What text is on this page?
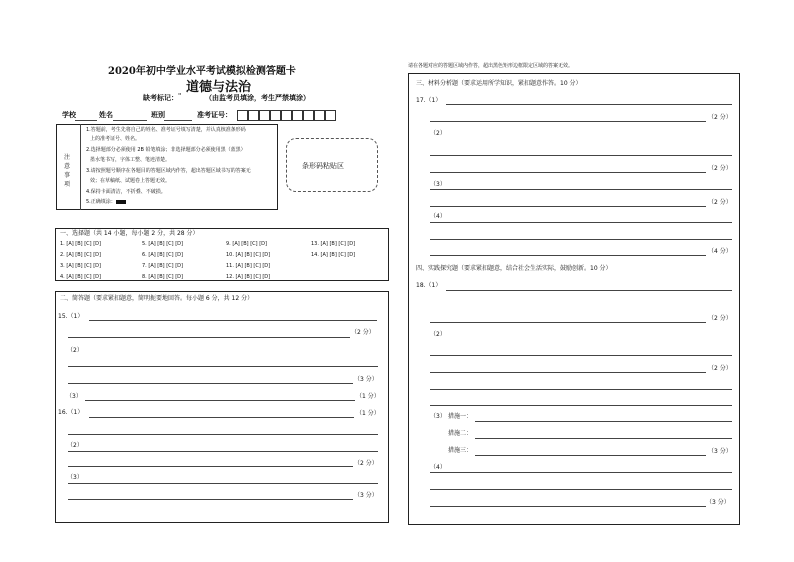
2020年初中学业水平考试模拟检测答题卡
道德与法治
缺考标记： "	（由监考员填涂，考生严禁填涂）
学校	姓名	班别	准考证号：
注
意
事
项
1.答题前，考生先将自己的姓名、准考证号填写清楚，并认真核准条形码
上的准考证号、姓名。
2.选择题部分必须使用 2B 铅笔填涂；非选择题部分必须使用黑（蓝黑）
墨水笔书写，字体工整、笔迹清楚。
3.请按照题号顺序在各题目的答题区域内作答，超出答题区域书写的答案无
效；在草稿纸、试题卷上答题无效。
4.保持卡面清洁，不折叠、不破损。
5.正确填涂：
条形码粘贴区
一、选择题（共 14 小题，每小题 2 分，共 28 分）
1. [A] [B] [C] [D]
2. [A] [B] [C] [D]
3. [A] [B] [C] [D]
4. [A] [B] [C] [D]
5. [A] [B] [C] [D]
6. [A] [B] [C] [D]
7. [A] [B] [C] [D]
8. [A] [B] [C] [D]
9. [A] [B] [C] [D]
10. [A] [B] [C] [D]
11. [A] [B] [C] [D]
12. [A] [B] [C] [D]
13. [A] [B] [C] [D]
14. [A] [B] [C] [D]
二、简答题（要求紧扣题意，简明扼要地回答。每小题 6 分，共 12 分）
15.（1）
（2 分）
（2）
（3 分）
（3）	（1 分）
16.（1）	（1 分）
（2）
（2 分）
（3）
（3 分）
请在各题对应的答题区域内作答，超出黑色矩形边框限定区域的答案无效。
三、材料分析题（要求运用所学知识，紧扣题意作答。10 分）
17.（1）
（2 分）
（2）
（2 分）
（3）
（2 分）
（4）
（4 分）
四、实践探究题（要求紧扣题意，结合社会生活实际，鼓励创新。10 分）
18.（1）
（2 分）
（2）
（2 分）
（3） 措施一：
措施二：
措施三：	（3 分）
（4）
（3 分）
